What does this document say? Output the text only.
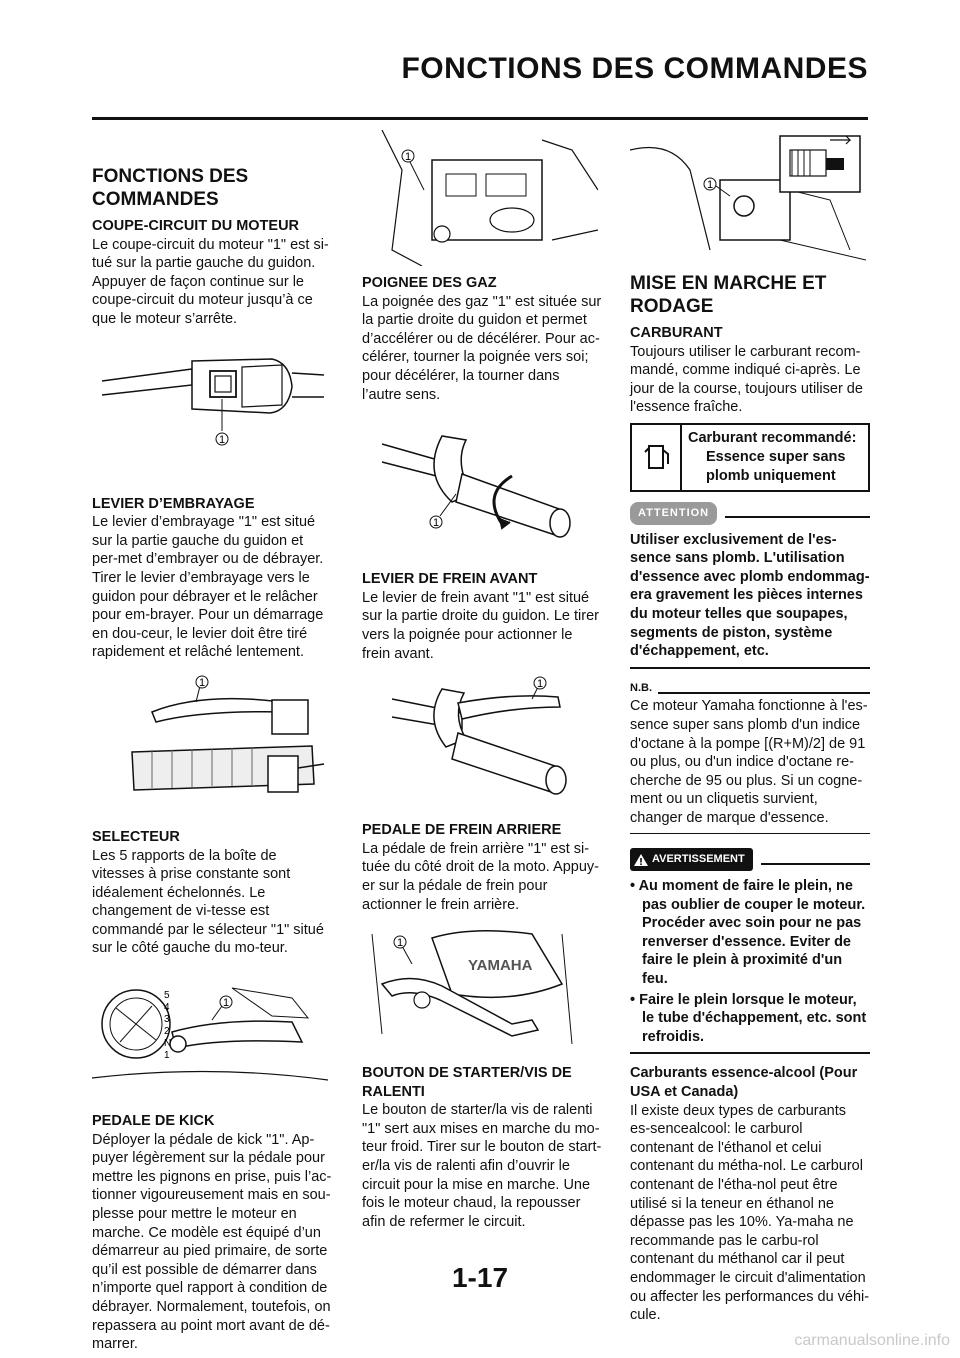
FONCTIONS DES COMMANDES
FONCTIONS DES COMMANDES
COUPE-CIRCUIT DU MOTEUR
Le coupe-circuit du moteur "1" est si-tué sur la partie gauche du guidon. Appuyer de façon continue sur le coupe-circuit du moteur jusqu’à ce que le moteur s’arrête.
1
LEVIER D’EMBRAYAGE
Le levier d’embrayage "1" est situé sur la partie gauche du guidon et per-met d’embrayer ou de débrayer. Tirer le levier d’embrayage vers le guidon pour débrayer et le relâcher pour em-brayer. Pour un démarrage en dou-ceur, le levier doit être tiré rapidement et relâché lentement.
1
SELECTEUR
Les 5 rapports de la boîte de vitesses à prise constante sont idéalement échelonnés. Le changement de vi-tesse est commandé par le sélecteur "1" situé sur le côté gauche du mo-teur.
5
4
3
2
N
1
1
PEDALE DE KICK
Déployer la pédale de kick "1". Ap-puyer légèrement sur la pédale pour mettre les pignons en prise, puis l’ac-tionner vigoureusement mais en sou-plesse pour mettre le moteur en marche. Ce modèle est équipé d’un démarreur au pied primaire, de sorte qu’il est possible de démarrer dans n’importe quel rapport à condition de débrayer. Normalement, toutefois, on repassera au point mort avant de dé-marrer.
1
POIGNEE DES GAZ
La poignée des gaz "1" est située sur la partie droite du guidon et permet d’accélérer ou de décélérer. Pour ac-célérer, tourner la poignée vers soi; pour décélérer, la tourner dans l’autre sens.
1
LEVIER DE FREIN AVANT
Le levier de frein avant "1" est situé sur la partie droite du guidon. Le tirer vers la poignée pour actionner le frein avant.
1
PEDALE DE FREIN ARRIERE
La pédale de frein arrière "1" est si-tuée du côté droit de la moto. Appuy-er sur la pédale de frein pour actionner le frein arrière.
YAMAHA
1
BOUTON DE STARTER/VIS DE RALENTI
Le bouton de starter/la vis de ralenti "1" sert aux mises en marche du mo-teur froid. Tirer sur le bouton de start-er/la vis de ralenti afin d’ouvrir le circuit pour la mise en marche. Une fois le moteur chaud, la repousser afin de refermer le circuit.
1
MISE EN MARCHE ET RODAGE
CARBURANT
Toujours utiliser le carburant recom-mandé, comme indiqué ci-après. Le jour de la course, toujours utiliser de l'essence fraîche.
Carburant recommandé:
Essence super sans plomb uniquement
ATTENTION
Utiliser exclusivement de l'es-sence sans plomb. L'utilisation d'essence avec plomb endommag-era gravement les pièces internes du moteur telles que soupapes, segments de piston, système d'échappement, etc.
N.B.
Ce moteur Yamaha fonctionne à l'es-sence super sans plomb d'un indice d'octane à la pompe [(R+M)/2] de 91 ou plus, ou d'un indice d'octane re-cherche de 95 ou plus. Si un cogne-ment ou un cliquetis survient, changer de marque d'essence.
AVERTISSEMENT
• Au moment de faire le plein, ne pas oublier de couper le moteur. Procéder avec soin pour ne pas renverser d'essence. Eviter de faire le plein à proximité d'un feu.
• Faire le plein lorsque le moteur, le tube d'échappement, etc. sont refroidis.
Carburants essence-alcool (Pour USA et Canada)
Il existe deux types de carburants es-sencealcool: le carburol contenant de l'éthanol et celui contenant du métha-nol. Le carburol contenant de l'étha-nol peut être utilisé si la teneur en éthanol ne dépasse pas les 10%. Ya-maha ne recommande pas le carbu-rol contenant du méthanol car il peut endommager le circuit d'alimentation ou affecter les performances du véhi-cule.
1-17
carmanualsonline.info
